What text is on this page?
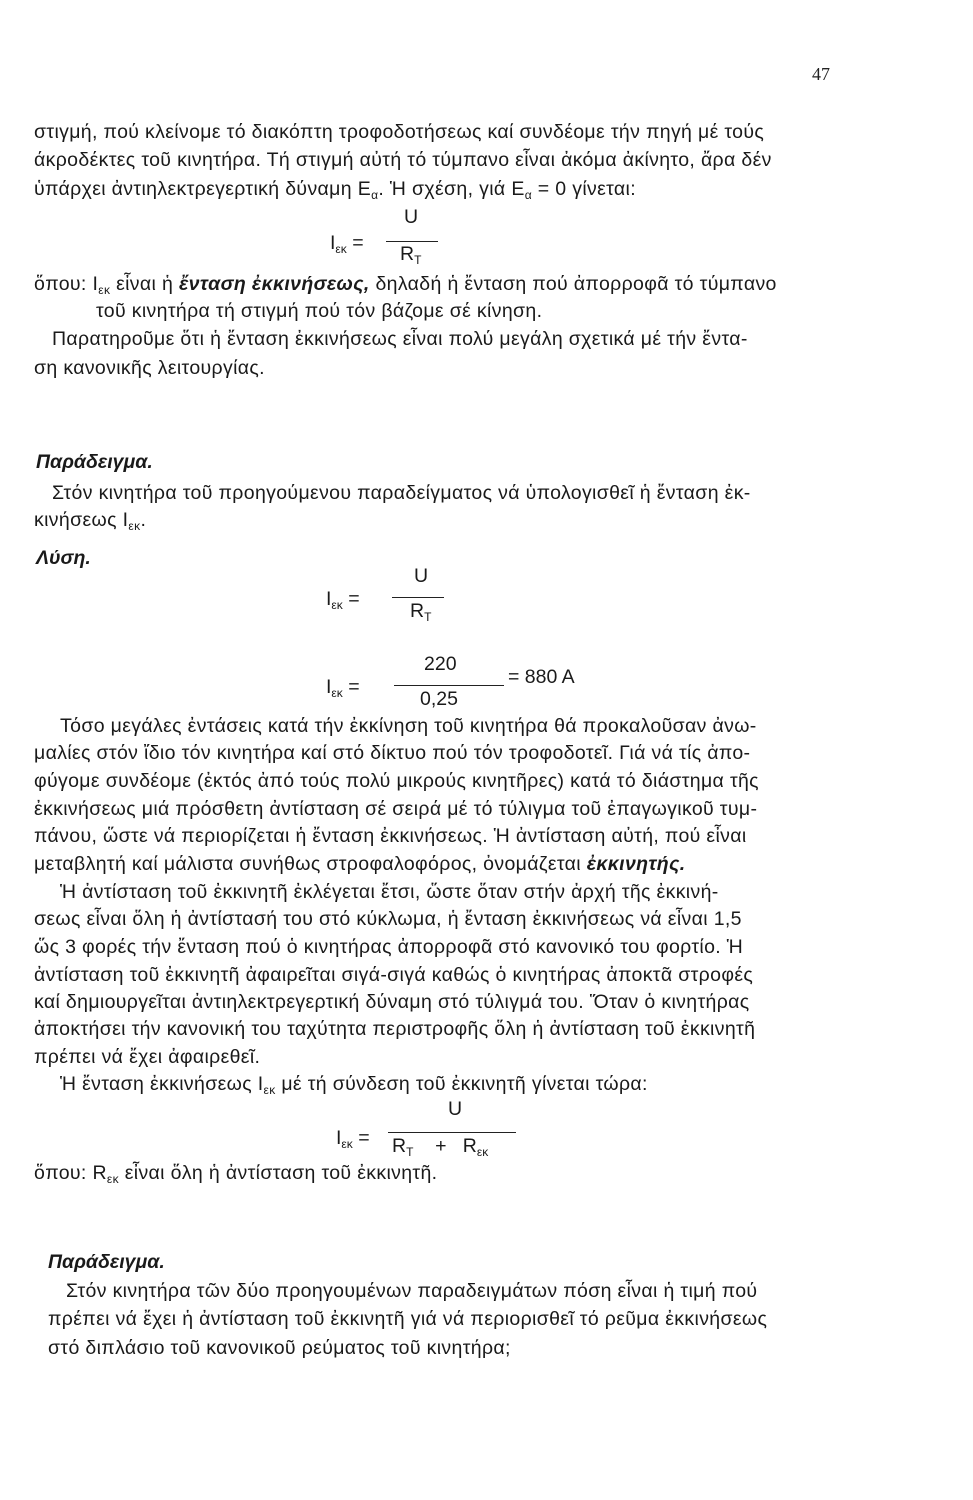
47
στιγμή, πού κλείνομε τό διακόπτη τροφοδοτήσεως καί συνδέομε τήν πηγή μέ τούς
άκροδέκτες τοῦ κινητήρα. Τή στιγμή αὐτή τό τύμπανο εἶναι ἀκόμα ἀκίνητο, ἄρα δέν
ὑπάρχει ἀντιηλεκτρεγερτική δύναμη $E_\alpha$. Ἡ σχέση, γιά $E_\alpha = 0$ γίνεται:
$I_{\varepsilon\kappa}$ =
U
$R_T$
ὅπου: $I_{\varepsilon\kappa}$ εἶναι ἡ ἔνταση ἐκκινήσεως, δηλαδή ἡ ἔνταση πού ἀπορροφᾶ τό τύμπανο
τοῦ κινητήρα τή στιγμή πού τόν βάζομε σέ κίνηση.
Παρατηροῦμε ὅτι ἡ ἔνταση ἐκκινήσεως εἶναι πολύ μεγάλη σχετικά μέ τήν ἔντα-
ση κανονικῆς λειτουργίας.
Παράδειγμα.
Στόν κινητήρα τοῦ προηγούμενου παραδείγματος νά ὑπολογισθεῖ ἡ ἔνταση ἐκ-
κινήσεως $I_{\varepsilon\kappa}$.
Λύση.
$I_{\varepsilon\kappa}$ =
U
$R_T$
$I_{\varepsilon\kappa}$ =
220
0,25
= 880 A
Τόσο μεγάλες ἐντάσεις κατά τήν ἐκκίνηση τοῦ κινητήρα θά προκαλοῦσαν ἀνω-
μαλίες στόν ἴδιο τόν κινητήρα καί στό δίκτυο πού τόν τροφοδοτεῖ. Γιά νά τίς ἀπο-
φύγομε συνδέομε (ἐκτός ἀπό τούς πολύ μικρούς κινητῆρες) κατά τό διάστημα τῆς
ἐκκινήσεως μιά πρόσθετη ἀντίσταση σέ σειρά μέ τό τύλιγμα τοῦ ἐπαγωγικοῦ τυμ-
πάνου, ὥστε νά περιορίζεται ἡ ἔνταση ἐκκινήσεως. Ἡ ἀντίσταση αὐτή, πού εἶναι
μεταβλητή καί μάλιστα συνήθως στροφαλοφόρος, ὀνομάζεται ἐκκινητής.
Ἡ ἀντίσταση τοῦ ἐκκινητῆ ἐκλέγεται ἔτσι, ὥστε ὅταν στήν ἀρχή τῆς ἐκκινή-
σεως εἶναι ὅλη ἡ ἀντίστασή του στό κύκλωμα, ἡ ἔνταση ἐκκινήσεως νά εἶναι 1,5
ὥς 3 φορές τήν ἔνταση πού ὁ κινητήρας ἀπορροφᾶ στό κανονικό του φορτίο. Ἡ
ἀντίσταση τοῦ ἐκκινητῆ ἀφαιρεῖται σιγά-σιγά καθώς ὁ κινητήρας ἀποκτᾶ στροφές
καί δημιουργεῖται ἀντιηλεκτρεγερτική δύναμη στό τύλιγμά του. Ὅταν ὁ κινητήρας
ἀποκτήσει τήν κανονική του ταχύτητα περιστροφῆς ὅλη ἡ ἀντίσταση τοῦ ἐκκινητῆ
πρέπει νά ἔχει ἀφαιρεθεῖ.
Ἡ ἔνταση ἐκκινήσεως $I_{\varepsilon\kappa}$ μέ τή σύνδεση τοῦ ἐκκινητῆ γίνεται τώρα:
$I_{\varepsilon\kappa}$ =
U
$R_T + R_{\varepsilon\kappa}$
ὅπου: $R_{\varepsilon\kappa}$ εἶναι ὅλη ἡ ἀντίσταση τοῦ ἐκκινητῆ.
Παράδειγμα.
Στόν κινητήρα τῶν δύο προηγουμένων παραδειγμάτων πόση εἶναι ἡ τιμή πού
πρέπει νά ἔχει ἡ ἀντίσταση τοῦ ἐκκινητῆ γιά νά περιορισθεῖ τό ρεῦμα ἐκκινήσεως
στό διπλάσιο τοῦ κανονικοῦ ρεύματος τοῦ κινητήρα;
